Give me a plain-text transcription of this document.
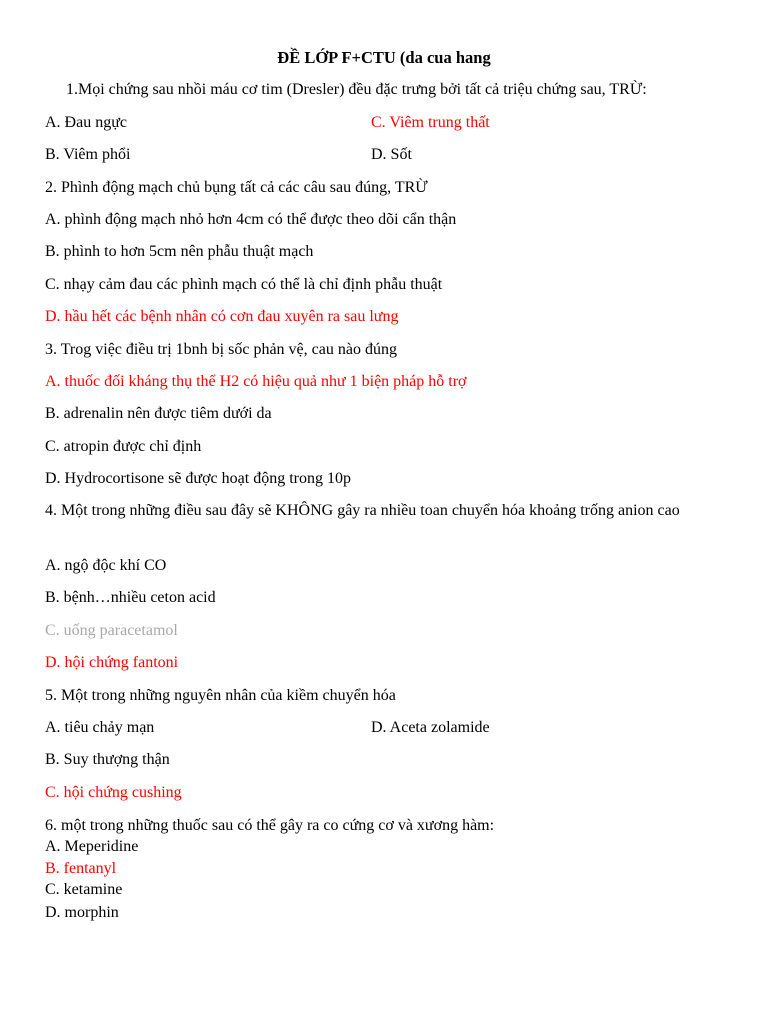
ĐỀ LỚP F+CTU (da cua hang
1.Mọi chứng sau nhồi máu cơ tim (Dresler) đều đặc trưng bởi tất cả triệu chứng sau, TRỪ:
A. Đau ngực	C. Viêm trung thất
B. Viêm phổi	D. Sốt
2. Phình động mạch chủ bụng tất cả các câu sau đúng, TRỪ
A. phình động mạch nhỏ hơn 4cm có thể được theo dõi cẩn thận
B. phình to hơn 5cm nên phẫu thuật mạch
C. nhạy cảm đau các phình mạch có thể là chỉ định phẫu thuật
D. hầu hết các bệnh nhân có cơn đau xuyên ra sau lưng
3. Trog việc điều trị 1bnh bị sốc phản vệ, cau nào đúng
A. thuốc đối kháng thụ thể H2 có hiệu quả như 1 biện pháp hỗ trợ
B. adrenalin nên được tiêm dưới da
C. atropin được chỉ định
D. Hydrocortisone sẽ được hoạt động trong 10p
4. Một trong những điều sau đây sẽ KHÔNG gây ra nhiều toan chuyển hóa khoảng trống anion cao
A. ngộ độc khí CO
B. bệnh…nhiều ceton acid
C. uống paracetamol
D. hội chứng fantoni
5. Một trong những nguyên nhân của kiềm chuyển hóa
A. tiêu chảy mạn	D. Aceta zolamide
B. Suy thượng thận
C. hội chứng cushing
6. một trong những thuốc sau có thể gây ra co cứng cơ và xương hàm:
A. Meperidine
B. fentanyl
C. ketamine
D. morphin
